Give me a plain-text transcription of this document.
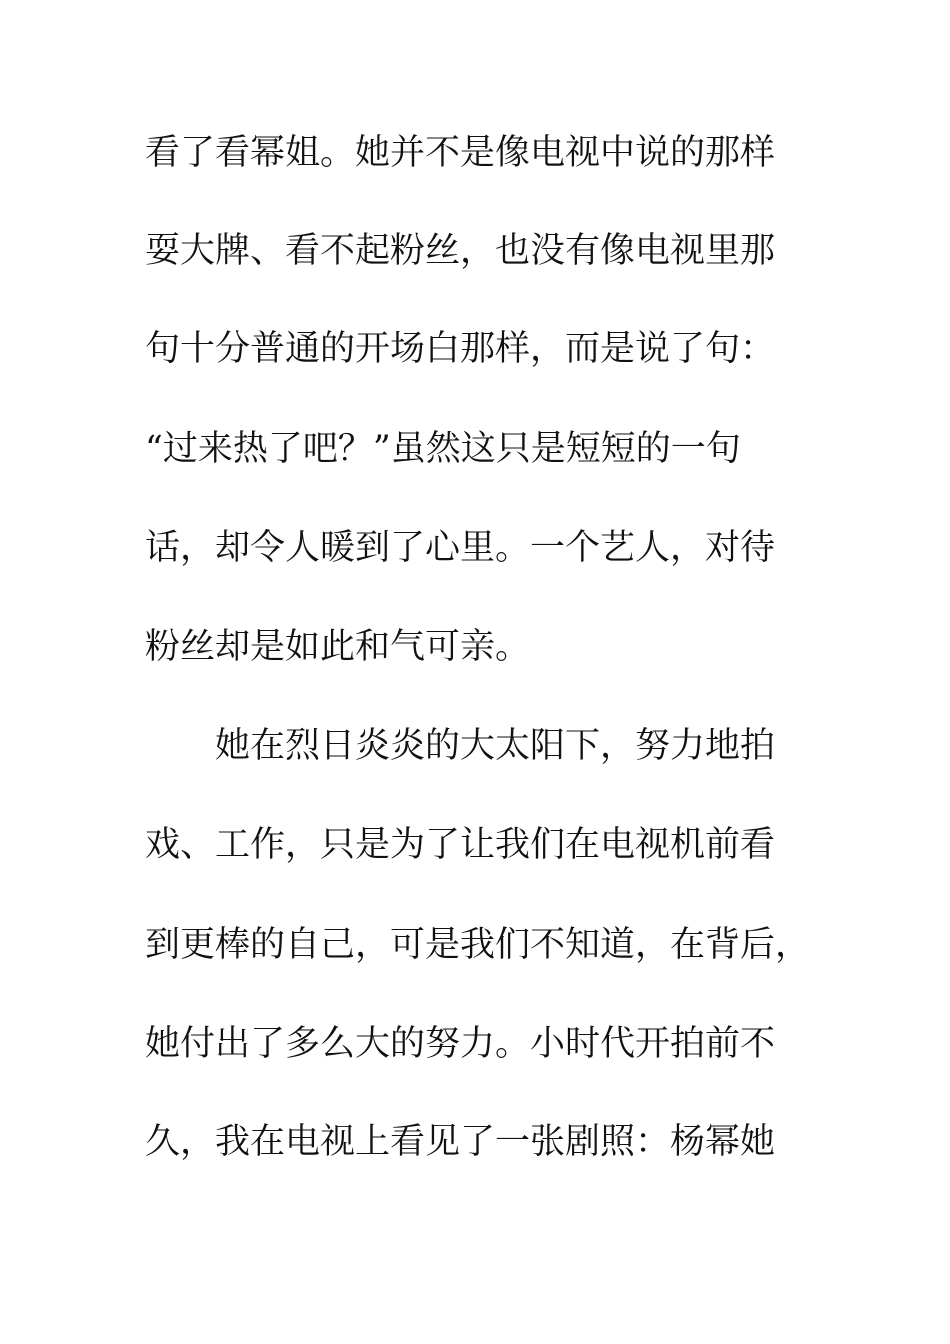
看了看幂姐。她并不是像电视中说的那样
耍大牌、看不起粉丝，也没有像电视里那
句十分普通的开场白那样，而是说了句：
“过来热了吧？”虽然这只是短短的一句
话，却令人暖到了心里。一个艺人，对待
粉丝却是如此和气可亲。
她在烈日炎炎的大太阳下，努力地拍
戏、工作，只是为了让我们在电视机前看
到更棒的自己，可是我们不知道，在背后，
她付出了多么大的努力。小时代开拍前不
久，我在电视上看见了一张剧照：杨幂她
